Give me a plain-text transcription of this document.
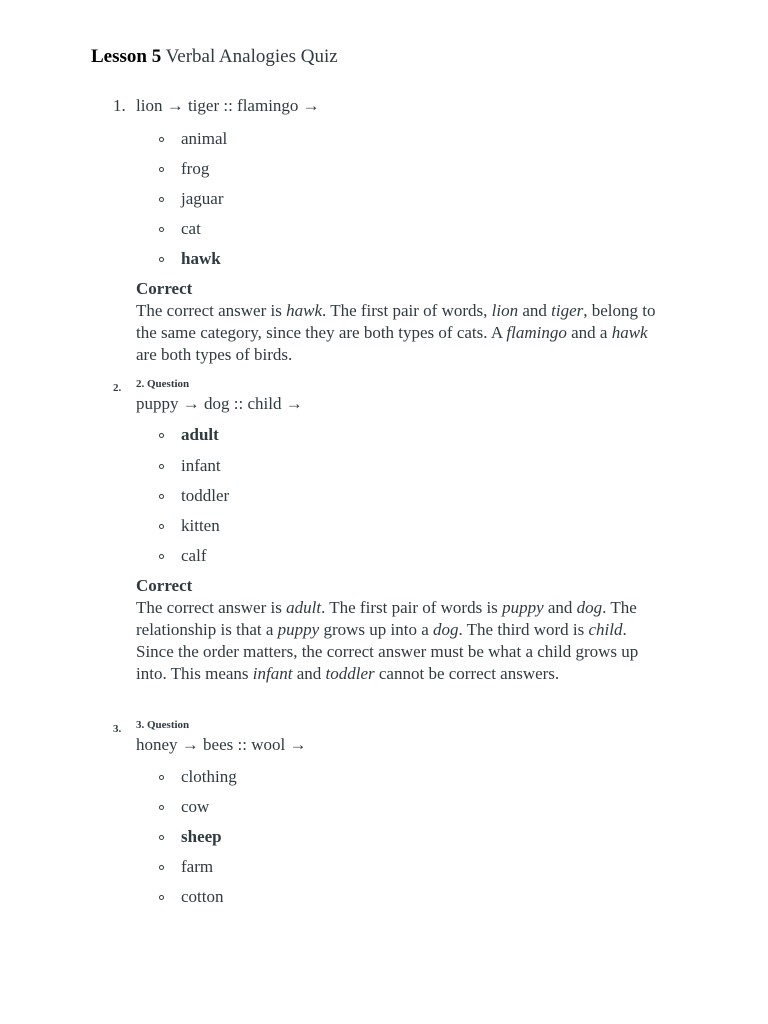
Lesson 5 Verbal Analogies Quiz
1. lion → tiger :: flamingo →
animal
frog
jaguar
cat
hawk
Correct
The correct answer is hawk. The first pair of words, lion and tiger, belong to the same category, since they are both types of cats. A flamingo and a hawk are both types of birds.
2. 2. Question
puppy → dog :: child →
adult
infant
toddler
kitten
calf
Correct
The correct answer is adult. The first pair of words is puppy and dog. The relationship is that a puppy grows up into a dog. The third word is child. Since the order matters, the correct answer must be what a child grows up into. This means infant and toddler cannot be correct answers.
3. 3. Question
honey → bees :: wool →
clothing
cow
sheep
farm
cotton
